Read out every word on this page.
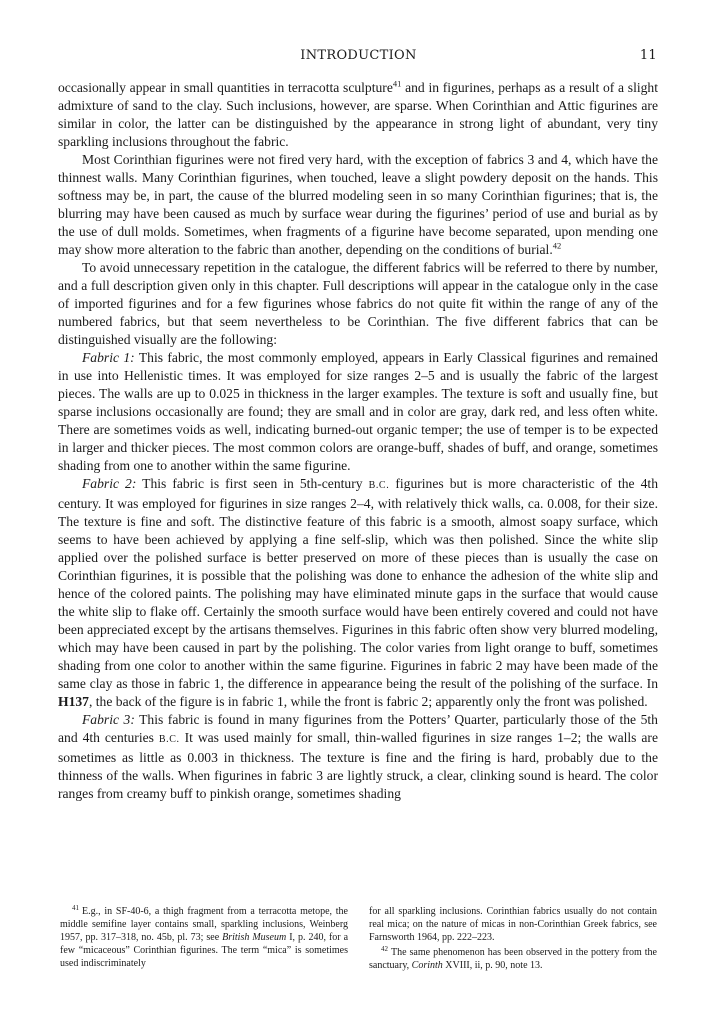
INTRODUCTION	11

occasionally appear in small quantities in terracotta sculpture$^{41}$ and in figurines, perhaps as a result of a slight admixture of sand to the clay. Such inclusions, however, are sparse. When Corinthian and Attic figurines are similar in color, the latter can be distinguished by the appearance in strong light of abundant, very tiny sparkling inclusions throughout the fabric.

Most Corinthian figurines were not fired very hard, with the exception of fabrics 3 and 4, which have the thinnest walls. Many Corinthian figurines, when touched, leave a slight powdery deposit on the hands. This softness may be, in part, the cause of the blurred modeling seen in so many Corinthian figurines; that is, the blurring may have been caused as much by surface wear during the figurines’ period of use and burial as by the use of dull molds. Sometimes, when fragments of a figurine have become separated, upon mending one may show more alteration to the fabric than another, depending on the conditions of burial.$^{42}$

To avoid unnecessary repetition in the catalogue, the different fabrics will be referred to there by number, and a full description given only in this chapter. Full descriptions will appear in the catalogue only in the case of imported figurines and for a few figurines whose fabrics do not quite fit within the range of any of the numbered fabrics, but that seem nevertheless to be Corinthian. The five different fabrics that can be distinguished visually are the following:

Fabric 1: This fabric, the most commonly employed, appears in Early Classical figurines and remained in use into Hellenistic times. It was employed for size ranges 2–5 and is usually the fabric of the largest pieces. The walls are up to 0.025 in thickness in the larger examples. The texture is soft and usually fine, but sparse inclusions occasionally are found; they are small and in color are gray, dark red, and less often white. There are sometimes voids as well, indicating burned-out organic temper; the use of temper is to be expected in larger and thicker pieces. The most common colors are orange-buff, shades of buff, and orange, sometimes shading from one to another within the same figurine.

Fabric 2: This fabric is first seen in 5th-century B.C. figurines but is more characteristic of the 4th century. It was employed for figurines in size ranges 2–4, with relatively thick walls, ca. 0.008, for their size. The texture is fine and soft. The distinctive feature of this fabric is a smooth, almost soapy surface, which seems to have been achieved by applying a fine self-slip, which was then polished. Since the white slip applied over the polished surface is better preserved on more of these pieces than is usually the case on Corinthian figurines, it is possible that the polishing was done to enhance the adhesion of the white slip and hence of the colored paints. The polishing may have eliminated minute gaps in the surface that would cause the white slip to flake off. Certainly the smooth surface would have been entirely covered and could not have been appreciated except by the artisans themselves. Figurines in this fabric often show very blurred modeling, which may have been caused in part by the polishing. The color varies from light orange to buff, sometimes shading from one color to another within the same figurine. Figurines in fabric 2 may have been made of the same clay as those in fabric 1, the difference in appearance being the result of the polishing of the surface. In H137, the back of the figure is in fabric 1, while the front is fabric 2; apparently only the front was polished.

Fabric 3: This fabric is found in many figurines from the Potters’ Quarter, particularly those of the 5th and 4th centuries B.C. It was used mainly for small, thin-walled figurines in size ranges 1–2; the walls are sometimes as little as 0.003 in thickness. The texture is fine and the firing is hard, probably due to the thinness of the walls. When figurines in fabric 3 are lightly struck, a clear, clinking sound is heard. The color ranges from creamy buff to pinkish orange, sometimes shading

$^{41}$ E.g., in SF-40-6, a thigh fragment from a terracotta metope, the middle semifine layer contains small, sparkling inclusions, Weinberg 1957, pp. 317–318, no. 45b, pl. 73; see British Museum I, p. 240, for a few “micaceous” Corinthian figurines. The term “mica” is sometimes used indiscriminately

for all sparkling inclusions. Corinthian fabrics usually do not contain real mica; on the nature of micas in non-Corinthian Greek fabrics, see Farnsworth 1964, pp. 222–223.

$^{42}$ The same phenomenon has been observed in the pottery from the sanctuary, Corinth XVIII, ii, p. 90, note 13.
